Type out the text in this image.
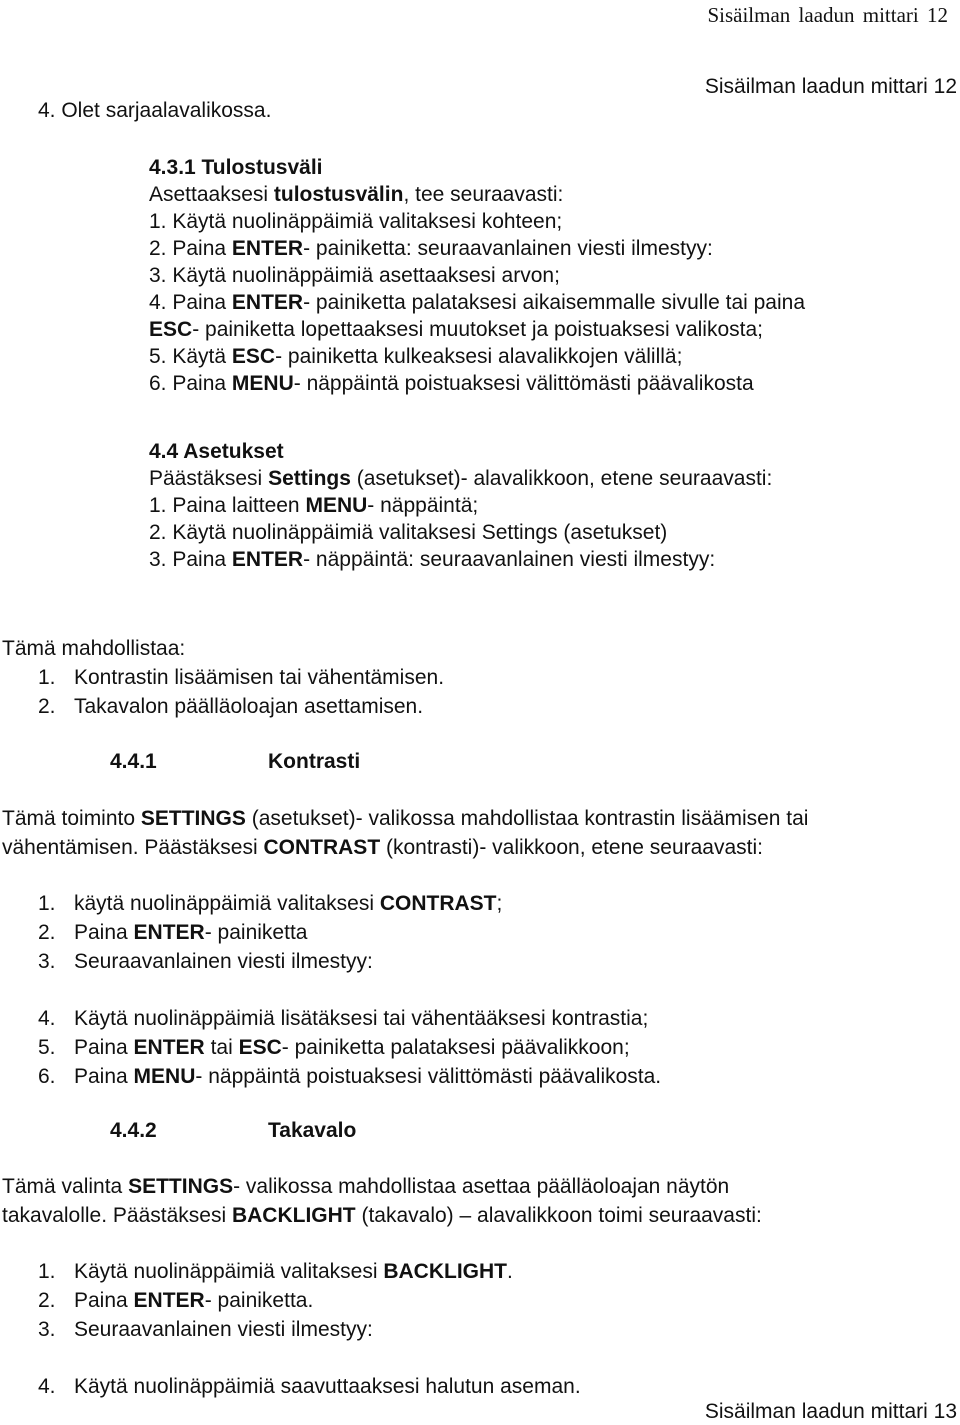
Sisäilman laadun mittari 12
Sisäilman laadun mittari 12
4. Olet sarjaalavalikossa.
4.3.1 Tulostusväli
Asettaaksesi tulostusvälin, tee seuraavasti:
1. Käytä nuolinäppäimiä valitaksesi kohteen;
2. Paina ENTER- painiketta: seuraavanlainen viesti ilmestyy:
3. Käytä nuolinäppäimiä asettaaksesi arvon;
4. Paina ENTER- painiketta palataksesi aikaisemmalle sivulle tai paina
ESC- painiketta lopettaaksesi muutokset ja poistuaksesi valikosta;
5. Käytä ESC- painiketta kulkeaksesi alavalikkojen välillä;
6. Paina MENU- näppäintä poistuaksesi välittömästi päävalikosta
4.4 Asetukset
Päästäksesi Settings (asetukset)- alavalikkoon, etene seuraavasti:
1. Paina laitteen MENU- näppäintä;
2. Käytä nuolinäppäimiä valitaksesi Settings (asetukset)
3. Paina ENTER- näppäintä: seuraavanlainen viesti ilmestyy:
Tämä mahdollistaa:
1. Kontrastin lisäämisen tai vähentämisen.
2. Takavalon päälläoloajan asettamisen.
4.4.1	Kontrasti
Tämä toiminto SETTINGS (asetukset)- valikossa mahdollistaa kontrastin lisäämisen tai
vähentämisen. Päästäksesi CONTRAST (kontrasti)- valikkoon, etene seuraavasti:
1. käytä nuolinäppäimiä valitaksesi CONTRAST;
2. Paina ENTER- painiketta
3. Seuraavanlainen viesti ilmestyy:
4. Käytä nuolinäppäimiä lisätäksesi tai vähentääksesi kontrastia;
5. Paina ENTER tai ESC- painiketta palataksesi päävalikkoon;
6. Paina MENU- näppäintä poistuaksesi välittömästi päävalikosta.
4.4.2	Takavalo
Tämä valinta SETTINGS- valikossa mahdollistaa asettaa päälläoloajan näytön
takavalolle. Päästäksesi BACKLIGHT (takavalo) – alavalikkoon toimi seuraavasti:
1. Käytä nuolinäppäimiä valitaksesi BACKLIGHT.
2. Paina ENTER- painiketta.
3. Seuraavanlainen viesti ilmestyy:
4. Käytä nuolinäppäimiä saavuttaaksesi halutun aseman.
Sisäilman laadun mittari 13
